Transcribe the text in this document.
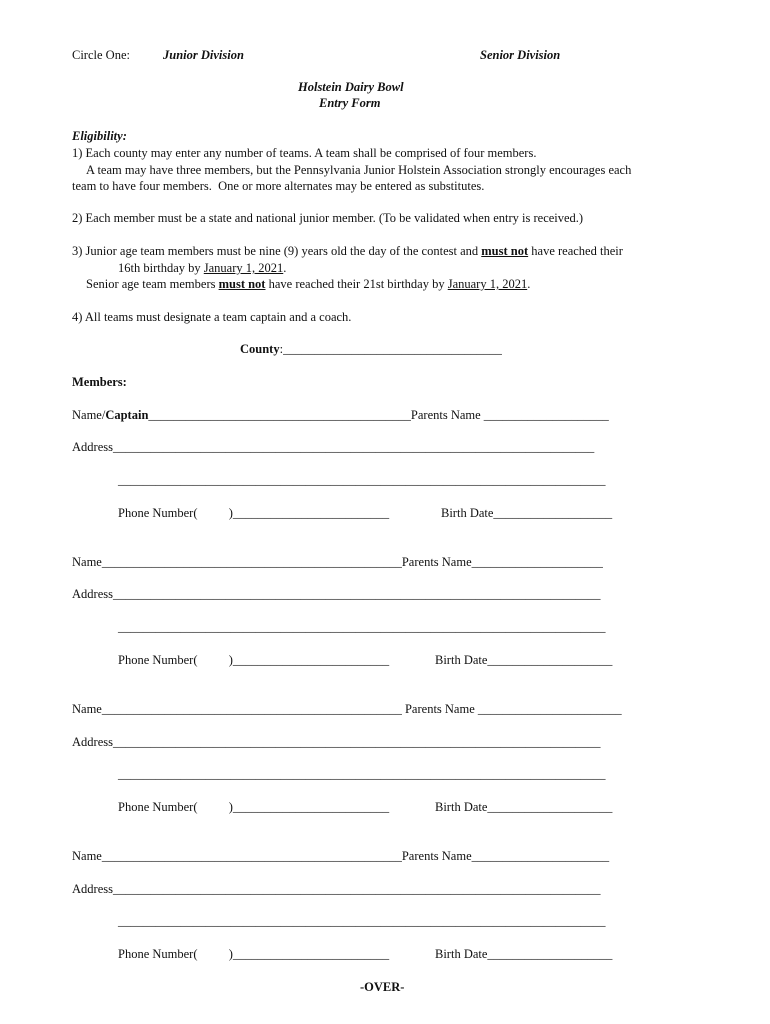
Circle One:	Junior Division	Senior Division
Holstein Dairy Bowl
Entry Form
Eligibility:
1) Each county may enter any number of teams. A team shall be comprised of four members.
A team may have three members, but the Pennsylvania Junior Holstein Association strongly encourages each
team to have four members.  One or more alternates may be entered as substitutes.
2) Each member must be a state and national junior member. (To be validated when entry is received.)
3) Junior age team members must be nine (9) years old the day of the contest and must not have reached their
16th birthday by January 1, 2021.
Senior age team members must not have reached their 21st birthday by January 1, 2021.
4) All teams must designate a team captain and a coach.
County:___________________________________
Members:
Name/Captain__________________________________________Parents Name ____________________
Address_____________________________________________________________________________
______________________________________________________________________________
Phone Number(          )_________________________	Birth Date___________________
Name________________________________________________Parents Name_____________________
Address______________________________________________________________________________
______________________________________________________________________________
Phone Number(          )_________________________	Birth Date____________________
Name________________________________________________ Parents Name _______________________
Address______________________________________________________________________________
______________________________________________________________________________
Phone Number(          )_________________________	Birth Date____________________
Name________________________________________________Parents Name______________________
Address______________________________________________________________________________
______________________________________________________________________________
Phone Number(          )_________________________	Birth Date____________________
-OVER-
